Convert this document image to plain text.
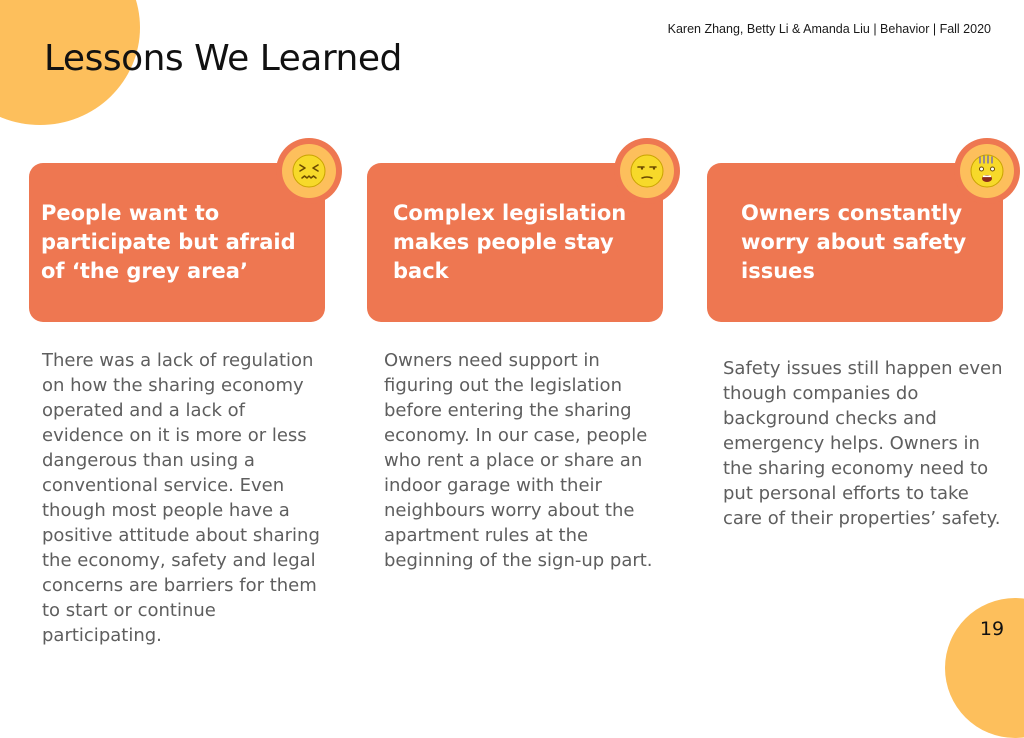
Karen Zhang, Betty Li & Amanda Liu | Behavior | Fall 2020
Lessons We Learned
People want to participate but afraid of ‘the grey area’
There was a lack of regulation on how the sharing economy operated and a lack of evidence on it is more or less dangerous than using a conventional service. Even though most people have a positive attitude about sharing the economy, safety and legal concerns are barriers for them to start or continue participating.
Complex legislation makes people stay back
Owners need support in figuring out the legislation before entering the sharing economy. In our case, people who rent a place or share an indoor garage with their neighbours worry about the apartment rules at the beginning of the sign-up part.
Owners constantly worry about safety issues
Safety issues still happen even though companies do background checks and emergency helps. Owners in the sharing economy need to put personal efforts to take care of their properties’ safety.
19
